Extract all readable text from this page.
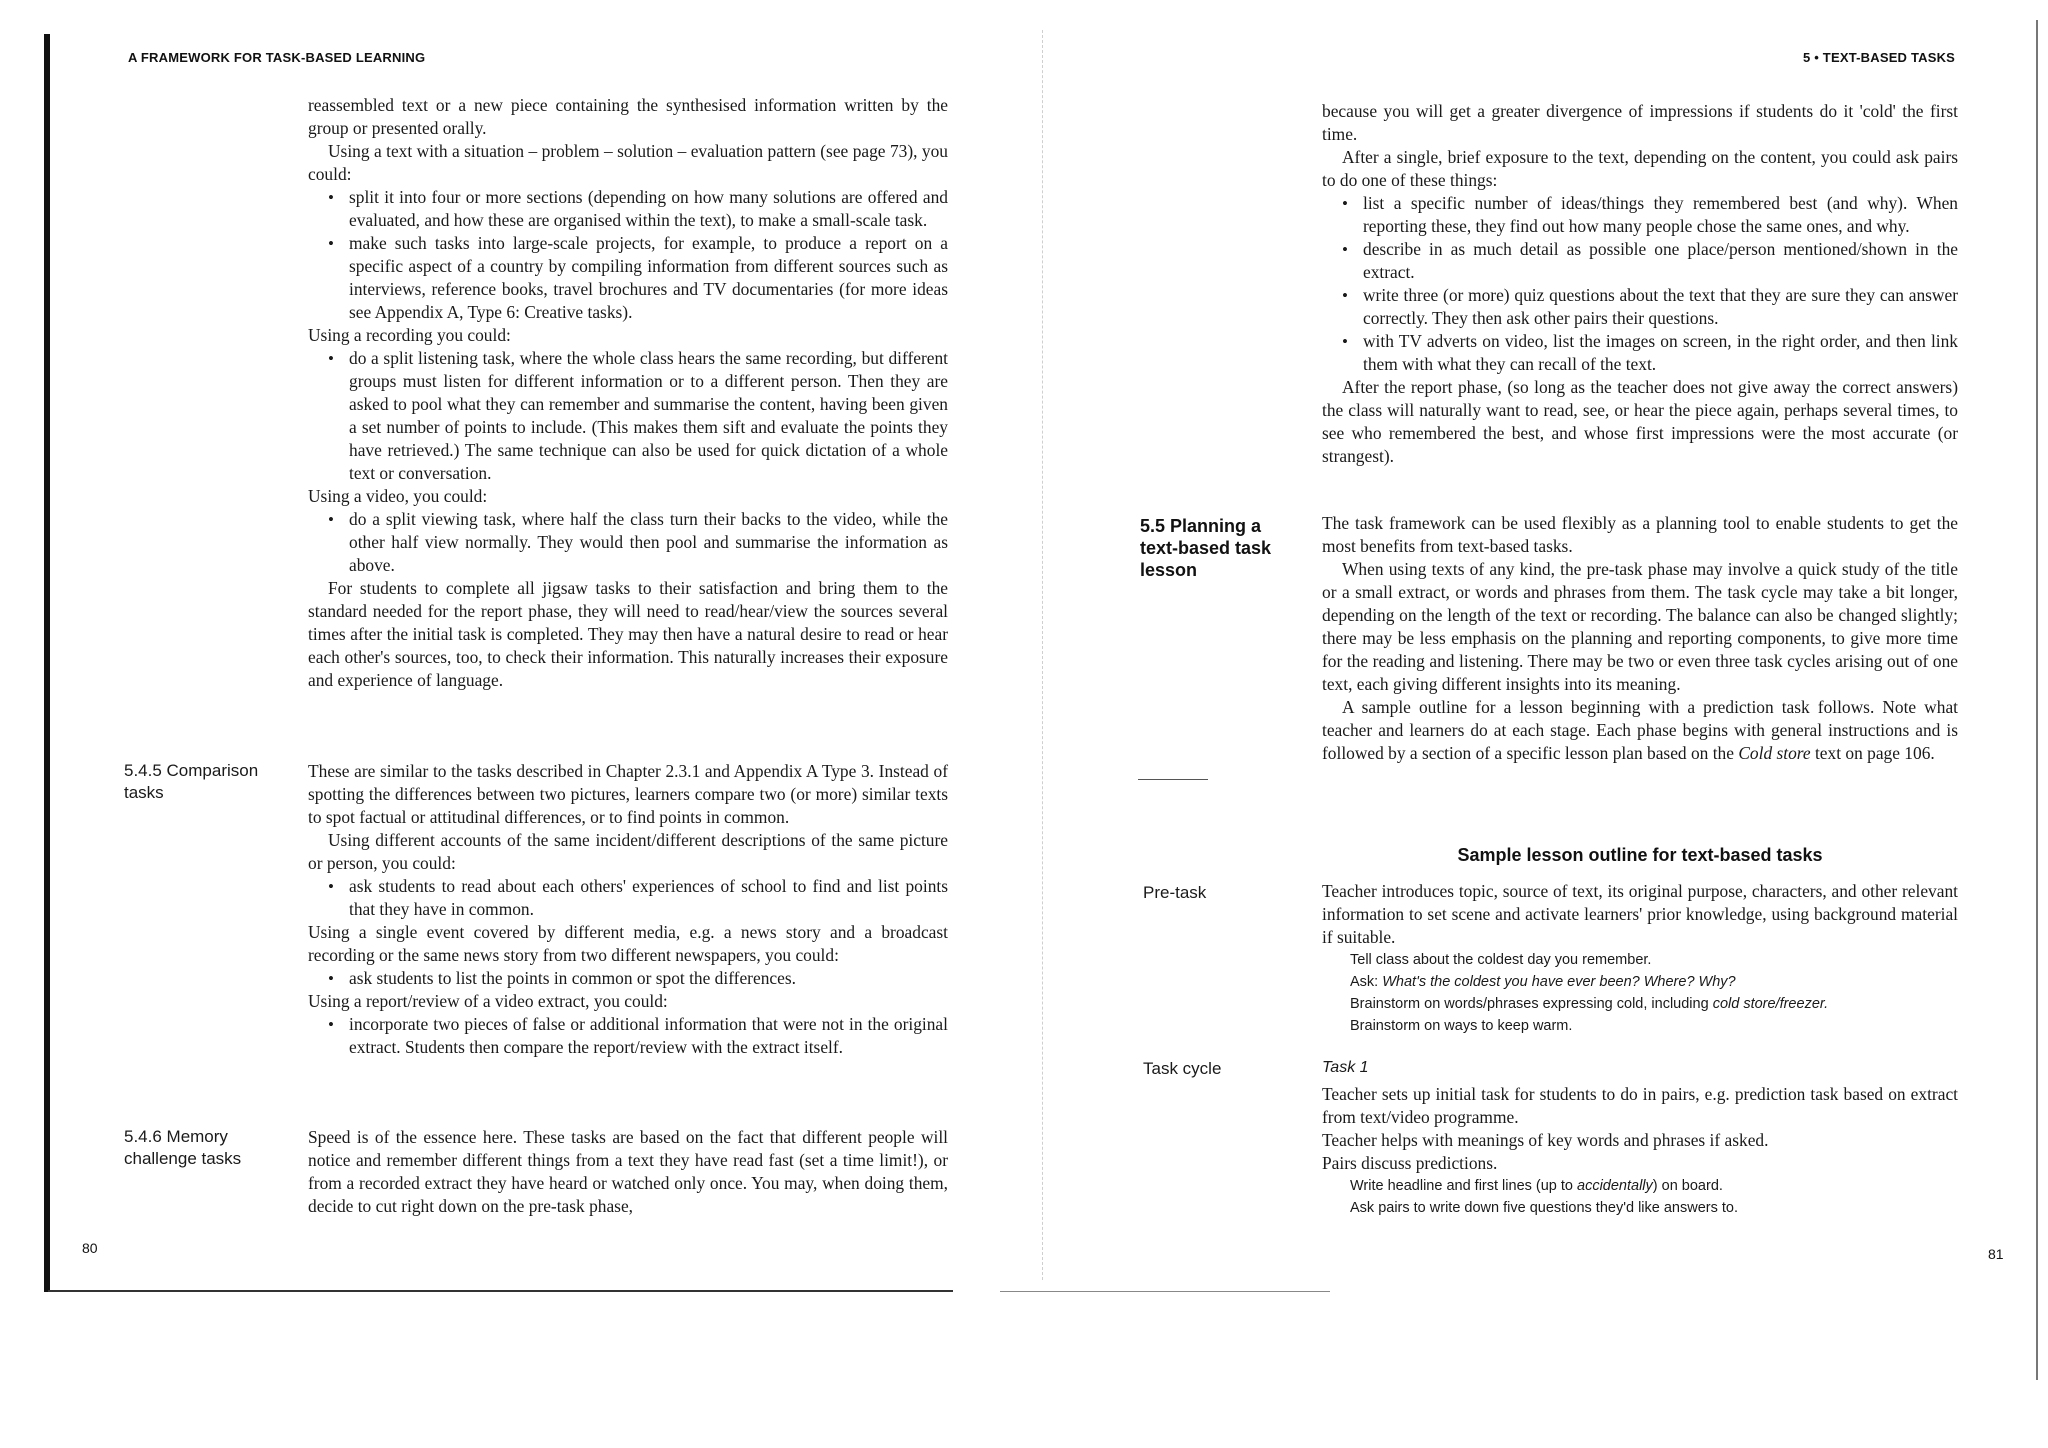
A FRAMEWORK FOR TASK-BASED LEARNING

reassembled text or a new piece containing the synthesised information written by the group or presented orally.

Using a text with a situation – problem – solution – evaluation pattern (see page 73), you could:

•
split it into four or more sections (depending on how many solutions are offered and evaluated, and how these are organised within the text), to make a small-scale task.
•
make such tasks into large-scale projects, for example, to produce a report on a specific aspect of a country by compiling information from different sources such as interviews, reference books, travel brochures and TV documentaries (for more ideas see Appendix A, Type 6: Creative tasks).

Using a recording you could:

•
do a split listening task, where the whole class hears the same recording, but different groups must listen for different information or to a different person. Then they are asked to pool what they can remember and summarise the content, having been given a set number of points to include. (This makes them sift and evaluate the points they have retrieved.) The same technique can also be used for quick dictation of a whole text or conversation.

Using a video, you could:

•
do a split viewing task, where half the class turn their backs to the video, while the other half view normally. They would then pool and summarise the information as above.

For students to complete all jigsaw tasks to their satisfaction and bring them to the standard needed for the report phase, they will need to read/hear/view the sources several times after the initial task is completed. They may then have a natural desire to read or hear each other's sources, too, to check their information. This naturally increases their exposure and experience of language.

5.4.5 Comparison tasks

These are similar to the tasks described in Chapter 2.3.1 and Appendix A Type 3. Instead of spotting the differences between two pictures, learners compare two (or more) similar texts to spot factual or attitudinal differences, or to find points in common.

Using different accounts of the same incident/different descriptions of the same picture or person, you could:

•
ask students to read about each others' experiences of school to find and list points that they have in common.

Using a single event covered by different media, e.g. a news story and a broadcast recording or the same news story from two different newspapers, you could:

•
ask students to list the points in common or spot the differences.

Using a report/review of a video extract, you could:

•
incorporate two pieces of false or additional information that were not in the original extract. Students then compare the report/review with the extract itself.
5.4.6 Memory challenge tasks

Speed is of the essence here. These tasks are based on the fact that different people will notice and remember different things from a text they have read fast (set a time limit!), or from a recorded extract they have heard or watched only once. You may, when doing them, decide to cut right down on the pre-task phase,

80
5 • TEXT-BASED TASKS

because you will get a greater divergence of impressions if students do it 'cold' the first time.

After a single, brief exposure to the text, depending on the content, you could ask pairs to do one of these things:

•
list a specific number of ideas/things they remembered best (and why). When reporting these, they find out how many people chose the same ones, and why.
•
describe in as much detail as possible one place/person mentioned/shown in the extract.
•
write three (or more) quiz questions about the text that they are sure they can answer correctly. They then ask other pairs their questions.
•
with TV adverts on video, list the images on screen, in the right order, and then link them with what they can recall of the text.

After the report phase, (so long as the teacher does not give away the correct answers) the class will naturally want to read, see, or hear the piece again, perhaps several times, to see who remembered the best, and whose first impressions were the most accurate (or strangest).

5.5 Planning a text-based task lesson

The task framework can be used flexibly as a planning tool to enable students to get the most benefits from text-based tasks.

When using texts of any kind, the pre-task phase may involve a quick study of the title or a small extract, or words and phrases from them. The task cycle may take a bit longer, depending on the length of the text or recording. The balance can also be changed slightly; there may be less emphasis on the planning and reporting components, to give more time for the reading and listening. There may be two or even three task cycles arising out of one text, each giving different insights into its meaning.

A sample outline for a lesson beginning with a prediction task follows. Note what teacher and learners do at each stage. Each phase begins with general instructions and is followed by a section of a specific lesson plan based on the Cold store text on page 106.

Sample lesson outline for text-based tasks
Pre-task	Teacher introduces topic, source of text, its original purpose, characters, and other relevant information to set scene and activate learners' prior knowledge, using background material if suitable.

Tell class about the coldest day you remember.
Ask: What's the coldest you have ever been? Where? Why?
Brainstorm on words/phrases expressing cold, including cold store/freezer.
Brainstorm on ways to keep warm.
Task cycle	Task 1

Teacher sets up initial task for students to do in pairs, e.g. prediction task based on extract from text/video programme.

Teacher helps with meanings of key words and phrases if asked.

Pairs discuss predictions.

Write headline and first lines (up to accidentally) on board.
Ask pairs to write down five questions they'd like answers to.
81
